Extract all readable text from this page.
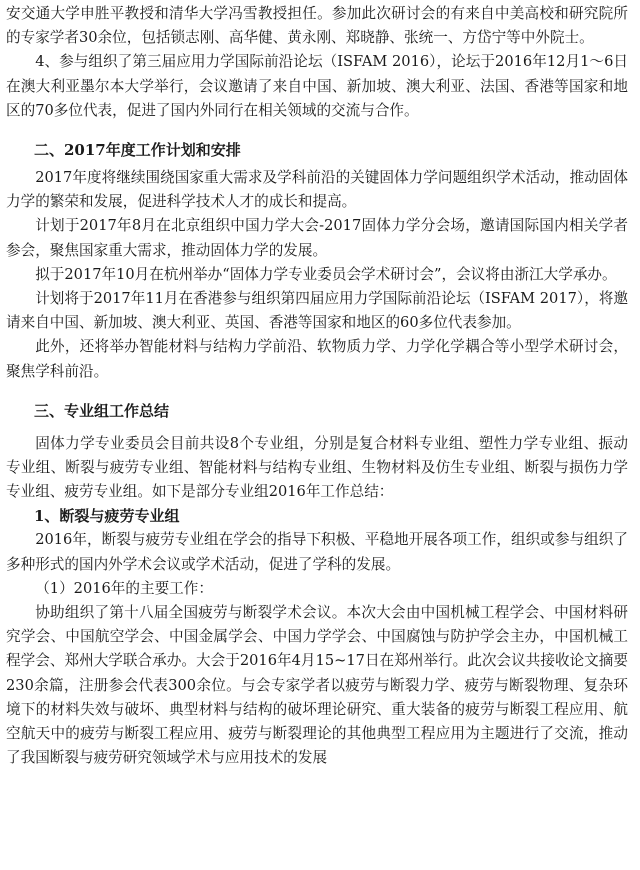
安交通大学申胜平教授和清华大学冯雪教授担任。参加此次研讨会的有来自中美高校和研究院所的专家学者30余位，包括锁志刚、高华健、黄永刚、郑晓静、张统一、方岱宁等中外院士。

4、参与组织了第三届应用力学国际前沿论坛（ISFAM 2016），论坛于2016年12月1～6日在澳大利亚墨尔本大学举行，会议邀请了来自中国、新加坡、澳大利亚、法国、香港等国家和地区的70多位代表，促进了国内外同行在相关领域的交流与合作。

二、2017年度工作计划和安排

2017年度将继续围绕国家重大需求及学科前沿的关键固体力学问题组织学术活动，推动固体力学的繁荣和发展，促进科学技术人才的成长和提高。

计划于2017年8月在北京组织中国力学大会-2017固体力学分会场，邀请国际国内相关学者参会，聚焦国家重大需求，推动固体力学的发展。

拟于2017年10月在杭州举办“固体力学专业委员会学术研讨会”，会议将由浙江大学承办。

计划将于2017年11月在香港参与组织第四届应用力学国际前沿论坛（ISFAM 2017），将邀请来自中国、新加坡、澳大利亚、英国、香港等国家和地区的60多位代表参加。

此外，还将举办智能材料与结构力学前沿、软物质力学、力学化学耦合等小型学术研讨会，聚焦学科前沿。

三、专业组工作总结

固体力学专业委员会目前共设8个专业组，分别是复合材料专业组、塑性力学专业组、振动专业组、断裂与疲劳专业组、智能材料与结构专业组、生物材料及仿生专业组、断裂与损伤力学专业组、疲劳专业组。如下是部分专业组2016年工作总结：

1、断裂与疲劳专业组

2016年，断裂与疲劳专业组在学会的指导下积极、平稳地开展各项工作，组织或参与组织了多种形式的国内外学术会议或学术活动，促进了学科的发展。

（1）2016年的主要工作：

协助组织了第十八届全国疲劳与断裂学术会议。本次大会由中国机械工程学会、中国材料研究学会、中国航空学会、中国金属学会、中国力学学会、中国腐蚀与防护学会主办，中国机械工程学会、郑州大学联合承办。大会于2016年4月15~17日在郑州举行。此次会议共接收论文摘要230余篇，注册参会代表300余位。与会专家学者以疲劳与断裂力学、疲劳与断裂物理、复杂环境下的材料失效与破坏、典型材料与结构的破坏理论研究、重大装备的疲劳与断裂工程应用、航空航天中的疲劳与断裂工程应用、疲劳与断裂理论的其他典型工程应用为主题进行了交流，推动了我国断裂与疲劳研究领域学术与应用技术的发展
